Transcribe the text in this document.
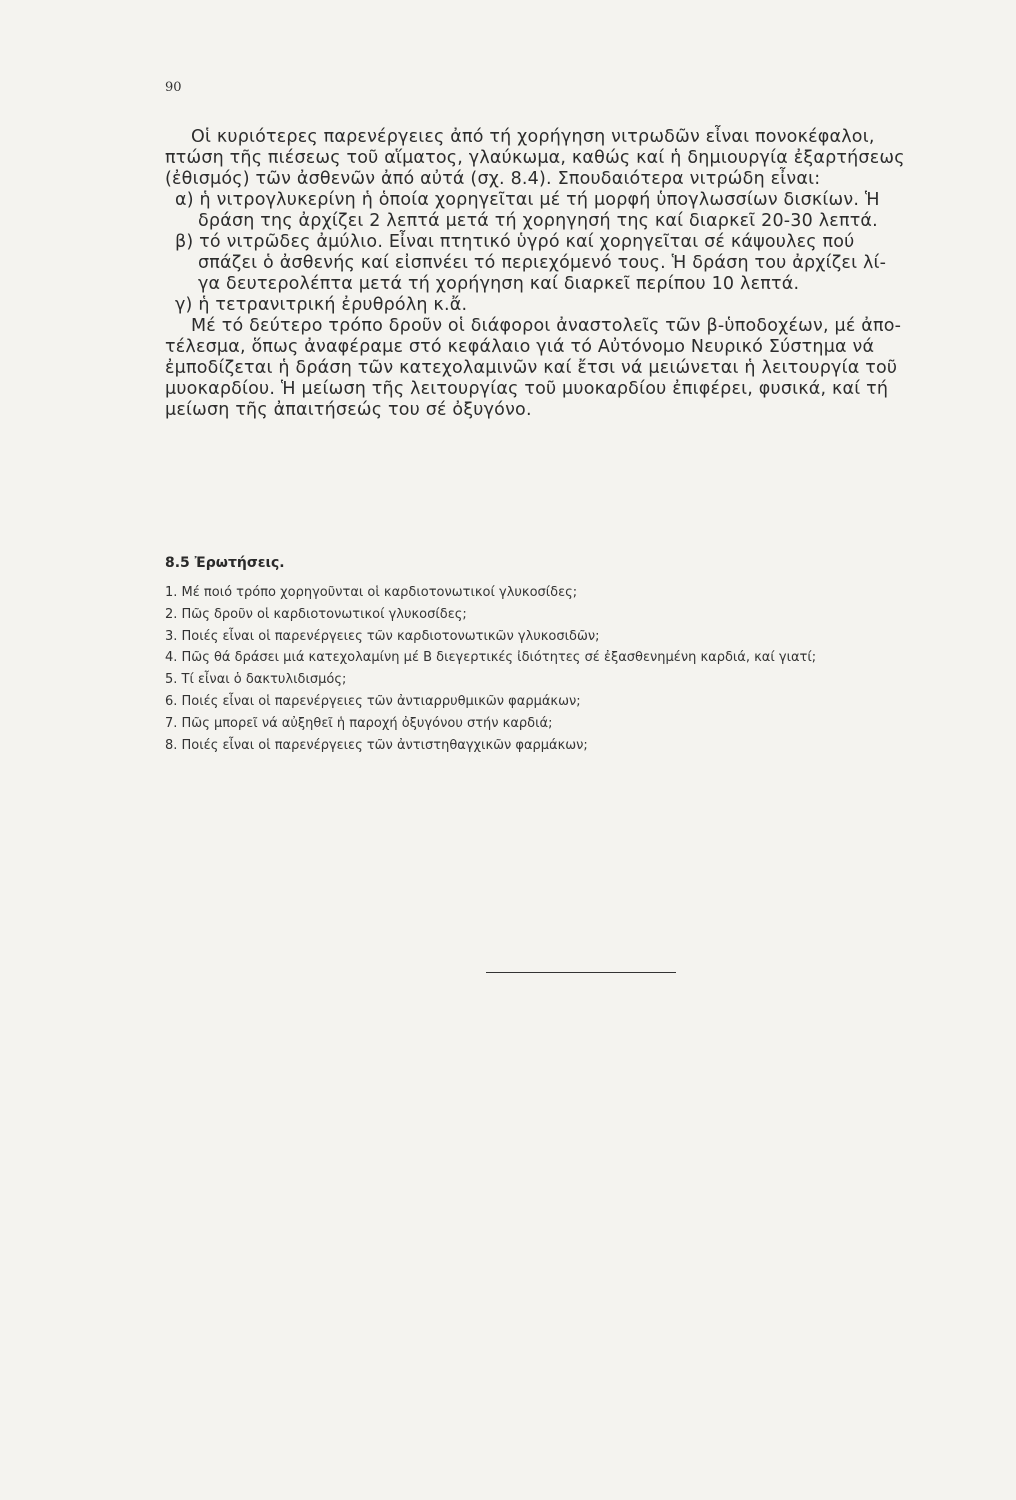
90
Οἱ κυριότερες παρενέργειες ἀπό τή χορήγηση νιτρωδῶν εἶναι πονοκέφαλοι,
πτώση τῆς πιέσεως τοῦ αἵματος, γλαύκωμα, καθώς καί ἡ δημιουργία ἐξαρτήσεως
(ἐθισμός) τῶν ἀσθενῶν ἀπό αὐτά (σχ. 8.4). Σπουδαιότερα νιτρώδη εἶναι:
α) ἡ νιτρογλυκερίνη ἡ ὁποία χορηγεῖται μέ τή μορφή ὑπογλωσσίων δισκίων. Ἡ
δράση της ἀρχίζει 2 λεπτά μετά τή χορηγησή της καί διαρκεῖ 20-30 λεπτά.
β) τό νιτρῶδες ἀμύλιο. Εἶναι πτητικό ὑγρό καί χορηγεῖται σέ κάψουλες πού
σπάζει ὁ ἀσθενής καί εἰσπνέει τό περιεχόμενό τους. Ἡ δράση του ἀρχίζει λί-
γα δευτερολέπτα μετά τή χορήγηση καί διαρκεῖ περίπου 10 λεπτά.
γ) ἡ τετρανιτρική ἐρυθρόλη κ.ἄ.
Μέ τό δεύτερο τρόπο δροῦν οἱ διάφοροι ἀναστολεῖς τῶν β-ὑποδοχέων, μέ ἀπο-
τέλεσμα, ὅπως ἀναφέραμε στό κεφάλαιο γιά τό Αὐτόνομο Νευρικό Σύστημα νά
ἐμποδίζεται ἡ δράση τῶν κατεχολαμινῶν καί ἔτσι νά μειώνεται ἡ λειτουργία τοῦ
μυοκαρδίου. Ἡ μείωση τῆς λειτουργίας τοῦ μυοκαρδίου ἐπιφέρει, φυσικά, καί τή
μείωση τῆς ἀπαιτήσεώς του σέ ὀξυγόνο.
8.5 Ἐρωτήσεις.
1. Μέ ποιό τρόπο χορηγοῦνται οἱ καρδιοτονωτικοί γλυκοσίδες;
2. Πῶς δροῦν οἱ καρδιοτονωτικοί γλυκοσίδες;
3. Ποιές εἶναι οἱ παρενέργειες τῶν καρδιοτονωτικῶν γλυκοσιδῶν;
4. Πῶς θά δράσει μιά κατεχολαμίνη μέ Β διεγερτικές ἰδιότητες σέ ἐξασθενημένη καρδιά, καί γιατί;
5. Τί εἶναι ὁ δακτυλιδισμός;
6. Ποιές εἶναι οἱ παρενέργειες τῶν ἀντιαρρυθμικῶν φαρμάκων;
7. Πῶς μπορεῖ νά αὐξηθεῖ ἡ παροχή ὀξυγόνου στήν καρδιά;
8. Ποιές εἶναι οἱ παρενέργειες τῶν ἀντιστηθαγχικῶν φαρμάκων;
